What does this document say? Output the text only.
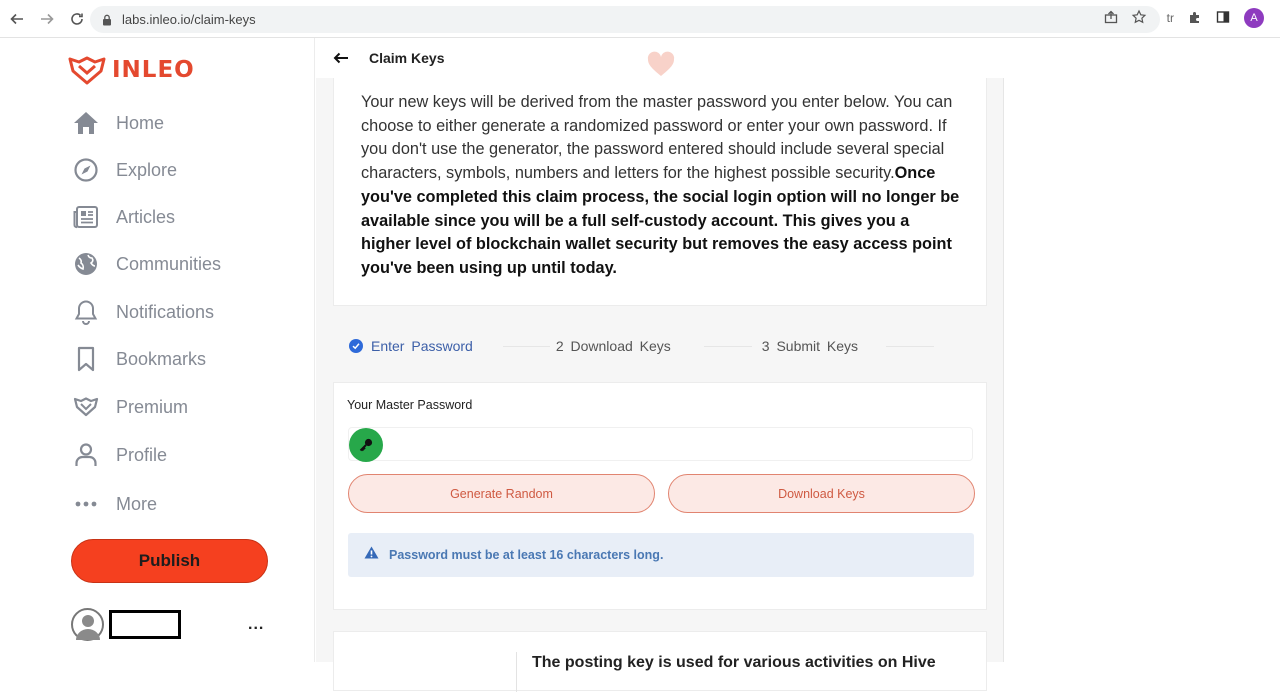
labs.inleo.io/claim-keys	tr	A
INLEO
Home
Explore
Articles
Communities
Notifications
Bookmarks
Premium
Profile
More
Publish
...

Your new keys will be derived from the master password you enter below. You can choose to either generate a randomized password or enter your own password. If you don't use the generator, the password entered should include several special characters, symbols, numbers and letters for the highest possible security.Once you've completed this claim process, the social login option will no longer be available since you will be a full self-custody account. This gives you a higher level of blockchain wallet security but removes the easy access point you've been using up until today.

Claim Keys
Enter Password	2 Download Keys	3 Submit Keys
Your Master Password
Generate Random	Download Keys
Password must be at least 16 characters long.
The posting key is used for various activities on Hive
